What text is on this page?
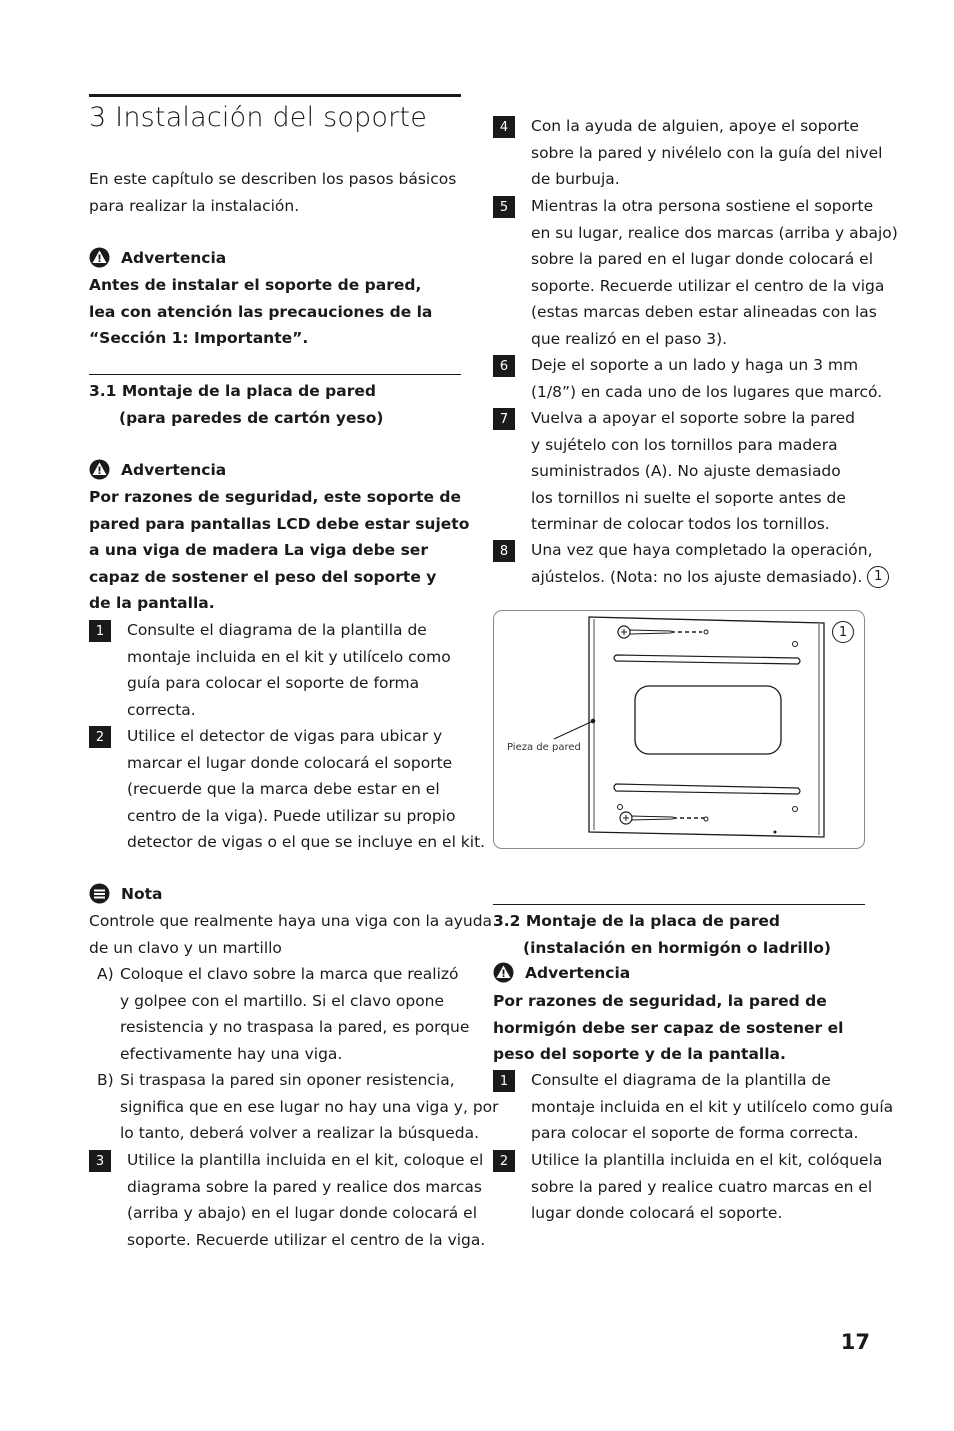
3 Instalación del soporte
En este capítulo se describen los pasos básicos
para realizar la instalación.
Advertencia
Antes de instalar el soporte de pared,
lea con atención las precauciones de la
“Sección 1: Importante”.
3.1 Montaje de la placa de pared
(para paredes de cartón yeso)
Advertencia
Por razones de seguridad, este soporte de
pared para pantallas LCD debe estar sujeto
a una viga de madera La viga debe ser
capaz de sostener el peso del soporte y
de la pantalla.
1	Consulte el diagrama de la plantilla de
montaje incluida en el kit y utilícelo como
guía para colocar el soporte de forma
correcta.
2	Utilice el detector de vigas para ubicar y
marcar el lugar donde colocará el soporte
(recuerde que la marca debe estar en el
centro de la viga). Puede utilizar su propio
detector de vigas o el que se incluye en el kit.
Nota
Controle que realmente haya una viga con la ayuda
de un clavo y un martillo
A) Coloque el clavo sobre la marca que realizó
y golpee con el martillo. Si el clavo opone
resistencia y no traspasa la pared, es porque
efectivamente hay una viga.
B) Si traspasa la pared sin oponer resistencia,
significa que en ese lugar no hay una viga y, por
lo tanto, deberá volver a realizar la búsqueda.
3	Utilice la plantilla incluida en el kit, coloque el
diagrama sobre la pared y realice dos marcas
(arriba y abajo) en el lugar donde colocará el
soporte. Recuerde utilizar el centro de la viga.
4	Con la ayuda de alguien, apoye el soporte
sobre la pared y nivélelo con la guía del nivel
de burbuja.
5	Mientras la otra persona sostiene el soporte
en su lugar, realice dos marcas (arriba y abajo)
sobre la pared en el lugar donde colocará el
soporte. Recuerde utilizar el centro de la viga
(estas marcas deben estar alineadas con las
que realizó en el paso 3).
6	Deje el soporte a un lado y haga un 3 mm
(1/8”) en cada uno de los lugares que marcó.
7	Vuelva a apoyar el soporte sobre la pared
y sujételo con los tornillos para madera
suministrados (A). No ajuste demasiado
los tornillos ni suelte el soporte antes de
terminar de colocar todos los tornillos.
8	Una vez que haya completado la operación,
ajústelos. (Nota: no los ajuste demasiado). 1
Pieza de pared
1
3.2 Montaje de la placa de pared
(instalación en hormigón o ladrillo)
Advertencia
Por razones de seguridad, la pared de
hormigón debe ser capaz de sostener el
peso del soporte y de la pantalla.
1	Consulte el diagrama de la plantilla de
montaje incluida en el kit y utilícelo como guía
para colocar el soporte de forma correcta.
2	Utilice la plantilla incluida en el kit, colóquela
sobre la pared y realice cuatro marcas en el
lugar donde colocará el soporte.
17
